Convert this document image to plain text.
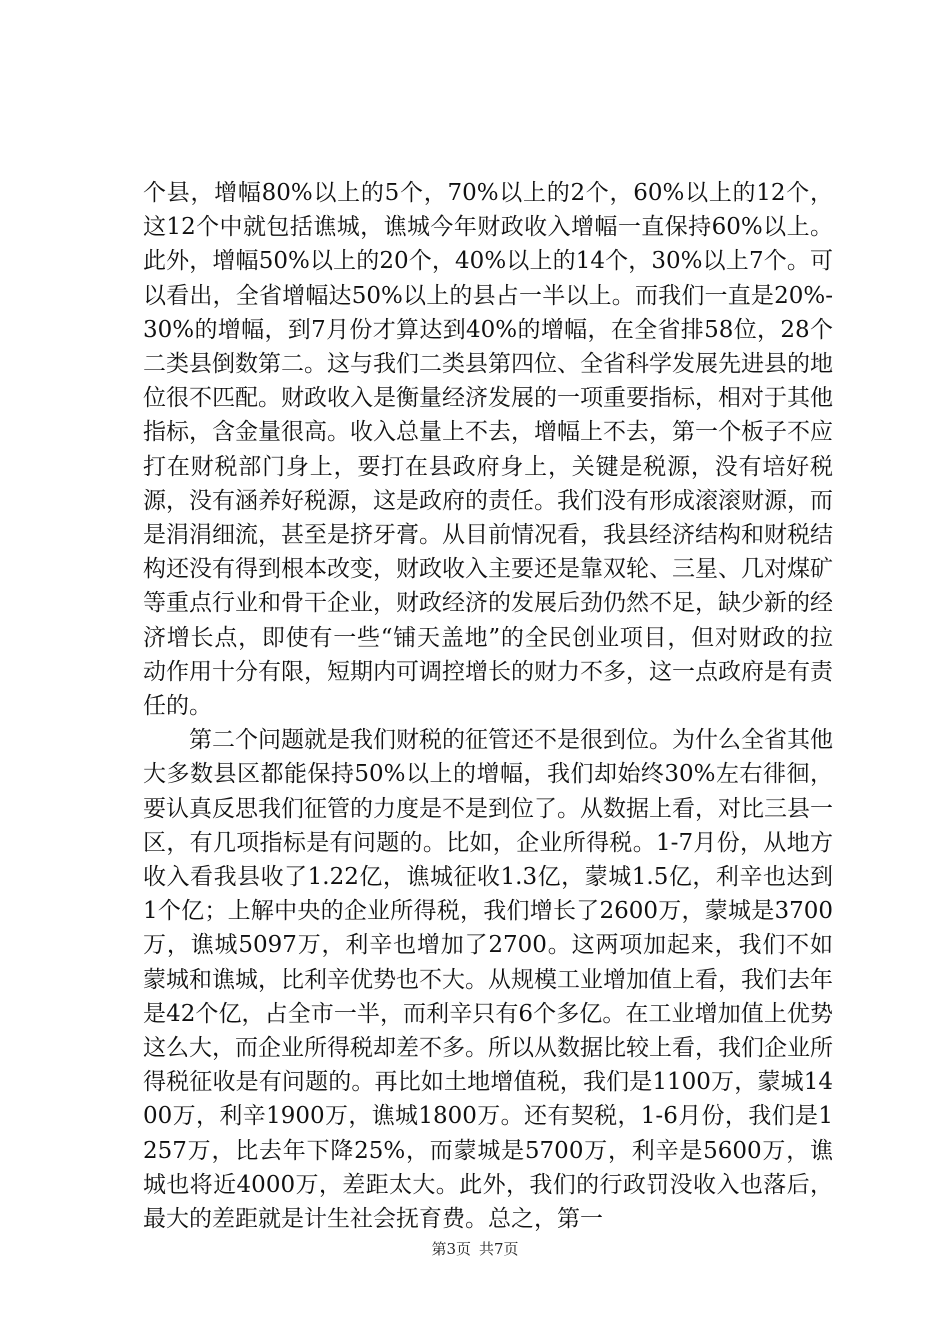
个县，增幅80%以上的5个，70%以上的2个，60%以上的12个，这12个中就包括谯城，谯城今年财政收入增幅一直保持60%以上。此外，增幅50%以上的20个，40%以上的14个，30%以上7个。可以看出，全省增幅达50%以上的县占一半以上。而我们一直是20%-30%的增幅，到7月份才算达到40%的增幅，在全省排58位，28个二类县倒数第二。这与我们二类县第四位、全省科学发展先进县的地位很不匹配。财政收入是衡量经济发展的一项重要指标，相对于其他指标，含金量很高。收入总量上不去，增幅上不去，第一个板子不应打在财税部门身上，要打在县政府身上，关键是税源，没有培好税源，没有涵养好税源，这是政府的责任。我们没有形成滚滚财源，而是涓涓细流，甚至是挤牙膏。从目前情况看，我县经济结构和财税结构还没有得到根本改变，财政收入主要还是靠双轮、三星、几对煤矿等重点行业和骨干企业，财政经济的发展后劲仍然不足，缺少新的经济增长点，即使有一些“铺天盖地”的全民创业项目，但对财政的拉动作用十分有限，短期内可调控增长的财力不多，这一点政府是有责任的。

第二个问题就是我们财税的征管还不是很到位。为什么全省其他大多数县区都能保持50%以上的增幅，我们却始终30%左右徘徊，要认真反思我们征管的力度是不是到位了。从数据上看，对比三县一区，有几项指标是有问题的。比如，企业所得税。1-7月份，从地方收入看我县收了1.22亿，谯城征收1.3亿，蒙城1.5亿，利辛也达到1个亿；上解中央的企业所得税，我们增长了2600万，蒙城是3700万，谯城5097万，利辛也增加了2700。这两项加起来，我们不如蒙城和谯城，比利辛优势也不大。从规模工业增加值上看，我们去年是42个亿，占全市一半，而利辛只有6个多亿。在工业增加值上优势这么大，而企业所得税却差不多。所以从数据比较上看，我们企业所得税征收是有问题的。再比如土地增值税，我们是1100万，蒙城1400万，利辛1900万，谯城1800万。还有契税，1-6月份，我们是1257万，比去年下降25%，而蒙城是5700万，利辛是5600万，谯城也将近4000万，差距太大。此外，我们的行政罚没收入也落后，最大的差距就是计生社会抚育费。总之，第一

第3页 共7页
